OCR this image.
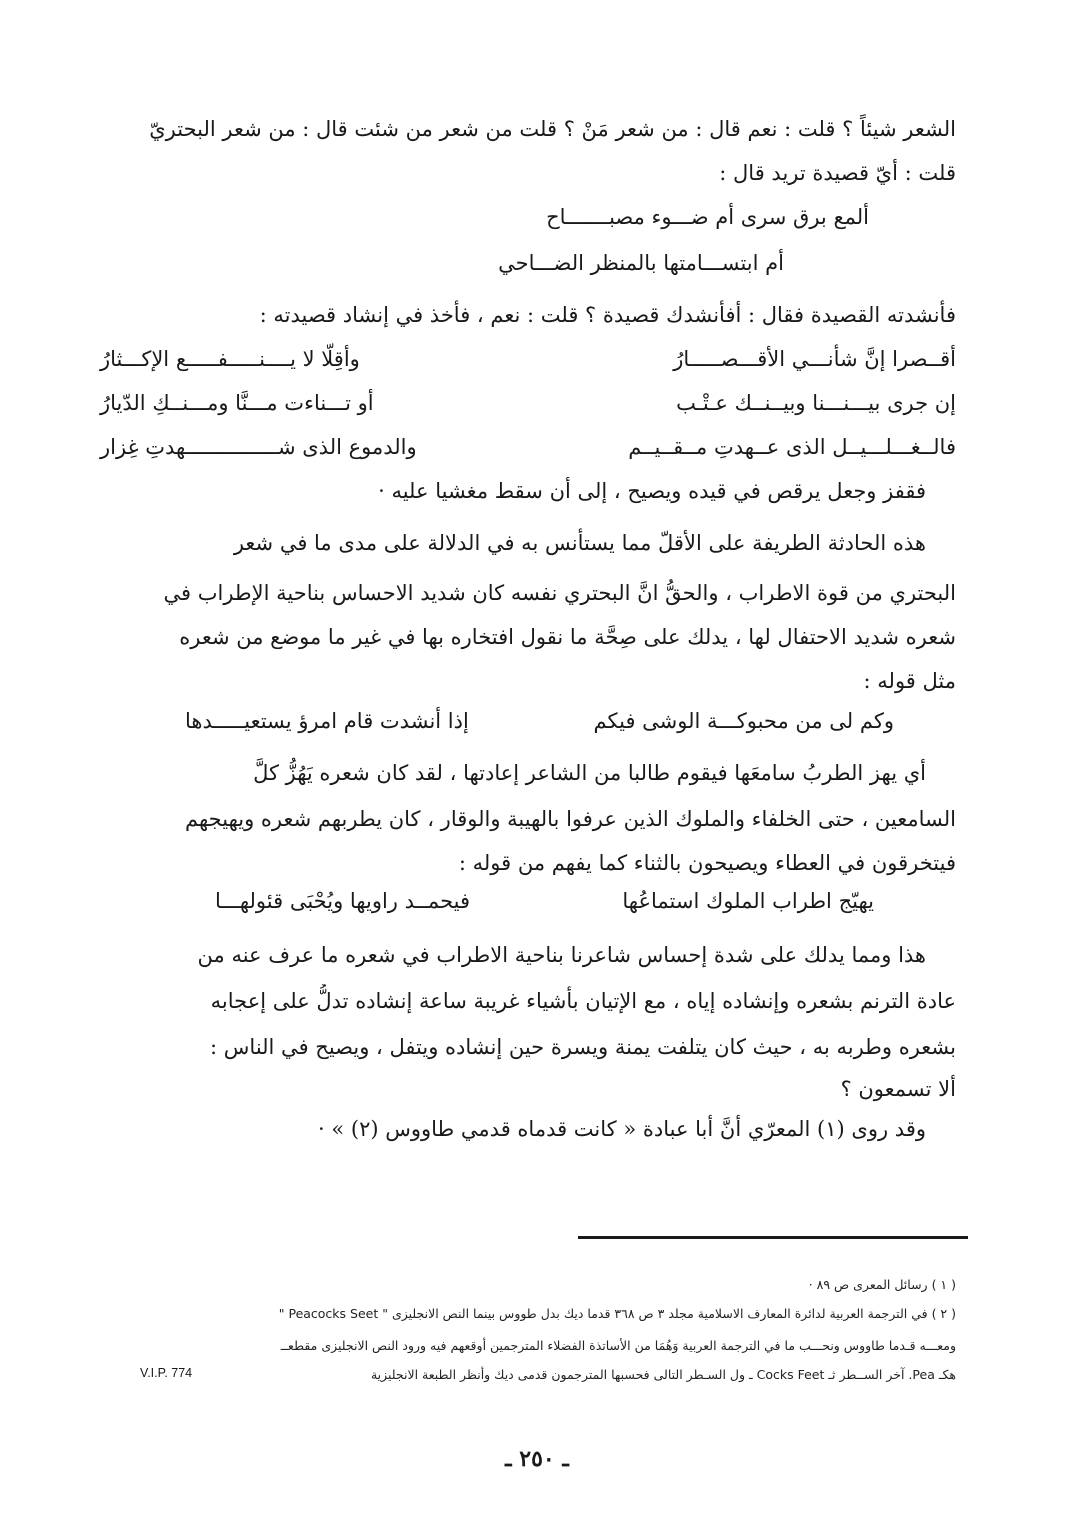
الشعر شيئاً ؟ قلت : نعم قال : من شعر مَنْ ؟ قلت من شعر من شئت قال : من شعر البحتريّ
قلت : أيّ قصيدة تريد قال :
ألمع برق سرى أم ضـــوء مصبـــــــاح
أم ابتســـامتها بالمنظر الضـــاحي
فأنشدته القصيدة فقال : أفأنشدك قصيدة ؟ قلت : نعم ، فأخذ في إنشاد قصيدته :
أقــصرا إنَّ شأنـــي الأقـــصـــــارُ
وأقِلّا لا يــــنـــــفـــــع الإكـــثارُ
إن جرى بيـــنـــنا وبيــنــك عـتْـب
أو تـــناءت مـــنَّا ومـــنــكِ الدّيارُ
فالــغـــلـــيــل الذى عــهدتِ مــقــيــم
والدموع الذى شـــــــــــــــهدتِ غِزار
فقفز وجعل يرقص في قيده ويصيح ، إلى أن سقط مغشيا عليه ·
هذه الحادثة الطريفة على الأقلّ مما يستأنس به في الدلالة على مدى ما في شعر
البحتري من قوة الاطراب ، والحقُّ انَّ البحتري نفسه كان شديد الاحساس بناحية الإطراب في
شعره شديد الاحتفال لها ، يدلك على صِحَّة ما نقول افتخاره بها في غير ما موضع من شعره
مثل قوله :
وكم لى من محبوكـــة الوشى فيكم
إذا أنشدت قام امرؤ يستعيـــــدها
أي يهز الطربُ سامعَها فيقوم طالبا من الشاعر إعادتها ، لقد كان شعره يَهُزُّ كلَّ
السامعين ، حتى الخلفاء والملوك الذين عرفوا بالهيبة والوقار ، كان يطربهم شعره ويهيجهم
فيتخرقون في العطاء ويصيحون بالثناء كما يفهم من قوله :
يهيّج اطراب الملوك استماعُها
فيحمــد راويها ويُحْبَى قئولهـــا
هذا ومما يدلك على شدة إحساس شاعرنا بناحية الاطراب في شعره ما عرف عنه من
عادة الترنم بشعره وإنشاده إياه ، مع الإتيان بأشياء غريبة ساعة إنشاده تدلُّ على إعجابه
بشعره وطربه به ، حيث كان يتلفت يمنة ويسرة حين إنشاده ويتفل ، ويصيح في الناس :
ألا تسمعون ؟
وقد روى (١) المعرّي أنَّ أبا عبادة « كانت قدماه قدمي طاووس (٢) » ·
( ١ ) رسائل المعرى ص ٨٩ ·
( ٢ ) في الترجمة العربية لدائرة المعارف الاسلامية مجلد ٣ ص ٣٦٨ قدما ديك بدل طووس بينما النص الانجليزى " Peacocks Seet "
ومعـــه قـدما طاووس ونحـــب ما في الترجمة العربية وَهُمَا من الأساتذة الفضلاء المترجمين أوقعهم فيه ورود النص الانجليزى مقطعــ
هكـ Pea. آخر الســطر ثـ Cocks Feet ـ ول السـطر التالى فحسبها المترجمون قدمى ديك وأنظر الطبعة الانجليزية
V.I.P. 774
ـ ٢٥٠ ـ
